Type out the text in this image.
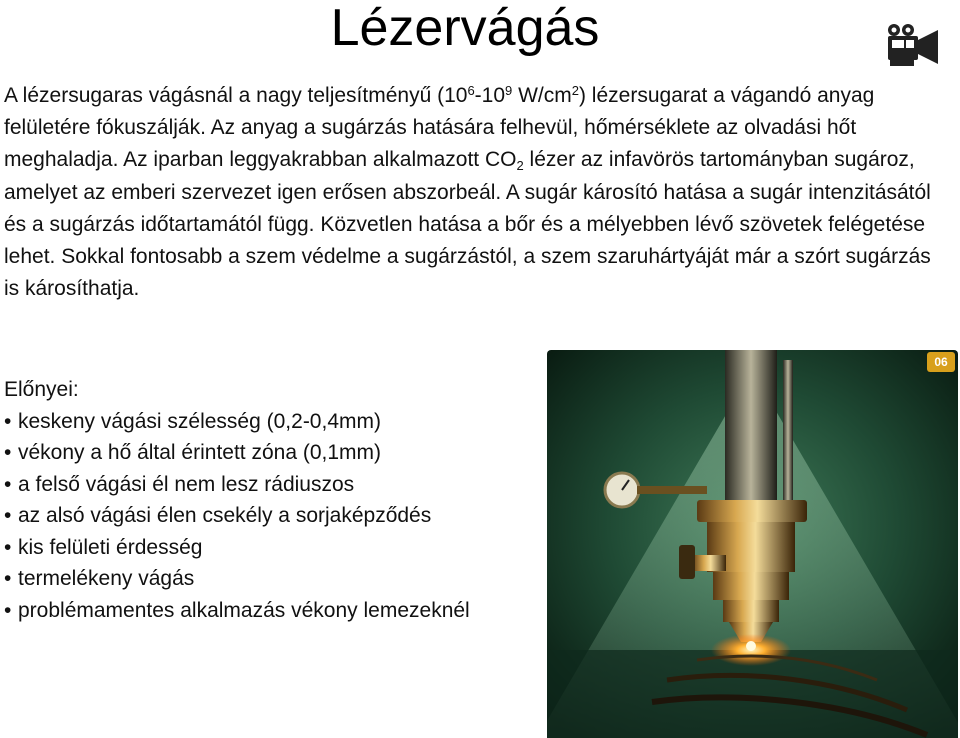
Lézervágás

A lézersugaras vágásnál a nagy teljesítményű ($10^6-10^9$ $W/cm^2$) lézersugarat a vágandó anyag felületére fókuszálják. Az anyag a sugárzás hatására felhevül, hőmérséklete az olvadási hőt meghaladja. Az iparban leggyakrabban alkalmazott $CO_2$ lézer az infavörös tartományban sugároz, amelyet az emberi szervezet igen erősen abszorbeál. A sugár károsító hatása a sugár intenzitásától és a sugárzás időtartamától függ. Közvetlen hatása a bőr és a mélyebben lévő szövetek felégetése lehet. Sokkal fontosabb a szem védelme a sugárzástól, a szem szaruhártyáját már a szórt sugárzás is károsíthatja.

Előnyei:
• keskeny vágási szélesség (0,2-0,4mm)
• vékony a hő által érintett zóna (0,1mm)
• a felső vágási él nem lesz rádiuszos
• az alsó vágási élen csekély a sorjaképződés
• kis felületi érdesség
• termelékeny vágás
• problémamentes alkalmazás vékony lemezeknél
06
